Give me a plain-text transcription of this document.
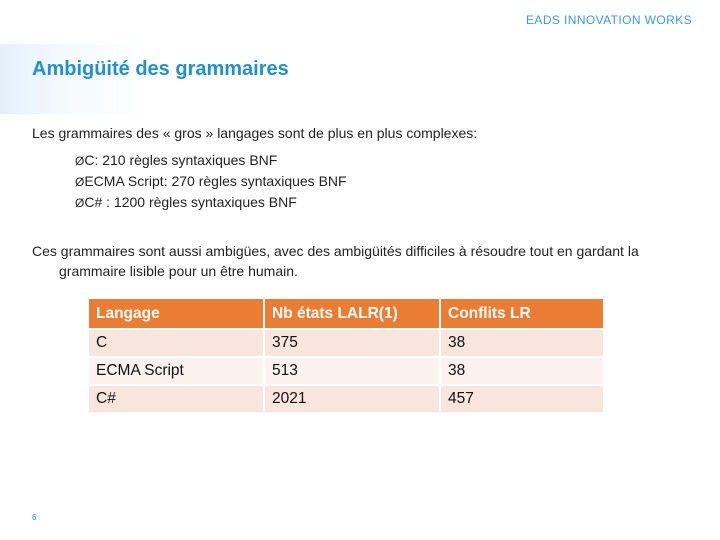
EADS INNOVATION WORKS
Ambigüité des grammaires
Les grammaires des « gros » langages sont de plus en plus complexes:
ØC: 210 règles syntaxiques BNF
ØECMA Script: 270 règles syntaxiques BNF
ØC# : 1200 règles syntaxiques BNF
Ces grammaires sont aussi ambigües, avec des ambigüités difficiles à résoudre tout en gardant la grammaire lisible pour un être humain.
Langage	Nb états LALR(1)	Conflits LR
C	375	38
ECMA Script	513	38
C#	2021	457
6
